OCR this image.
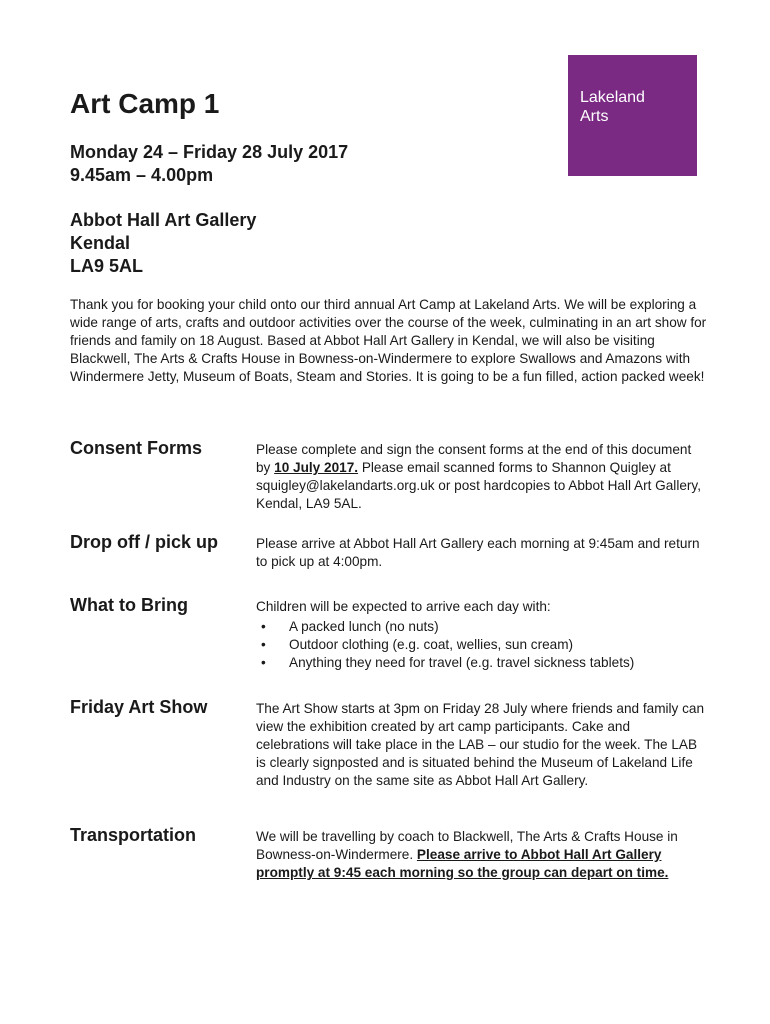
Lakeland
Arts
Art Camp 1
Monday 24 – Friday 28 July 2017
9.45am – 4.00pm
Abbot Hall Art Gallery
Kendal
LA9 5AL

Thank you for booking your child onto our third annual Art Camp at Lakeland Arts. We will be exploring a wide range of arts, crafts and outdoor activities over the course of the week, culminating in an art show for friends and family on 18 August. Based at Abbot Hall Art Gallery in Kendal, we will also be visiting Blackwell, The Arts & Crafts House in Bowness-on-Windermere to explore Swallows and Amazons with Windermere Jetty, Museum of Boats, Steam and Stories. It is going to be a fun filled, action packed week!

Consent Forms	Please complete and sign the consent forms at the end of this document by 10 July 2017. Please email scanned forms to Shannon Quigley at squigley@lakelandarts.org.uk or post hardcopies to Abbot Hall Art Gallery, Kendal, LA9 5AL.

Drop off / pick up	Please arrive at Abbot Hall Art Gallery each morning at 9:45am and return to pick up at 4:00pm.

What to Bring	Children will be expected to arrive each day with:

• A packed lunch (no nuts)
• Outdoor clothing (e.g. coat, wellies, sun cream)
• Anything they need for travel (e.g. travel sickness tablets)
Friday Art Show	The Art Show starts at 3pm on Friday 28 July where friends and family can view the exhibition created by art camp participants. Cake and celebrations will take place in the LAB – our studio for the week. The LAB is clearly signposted and is situated behind the Museum of Lakeland Life and Industry on the same site as Abbot Hall Art Gallery.

Transportation	We will be travelling by coach to Blackwell, The Arts & Crafts House in Bowness-on-Windermere. Please arrive to Abbot Hall Art Gallery promptly at 9:45 each morning so the group can depart on time.
